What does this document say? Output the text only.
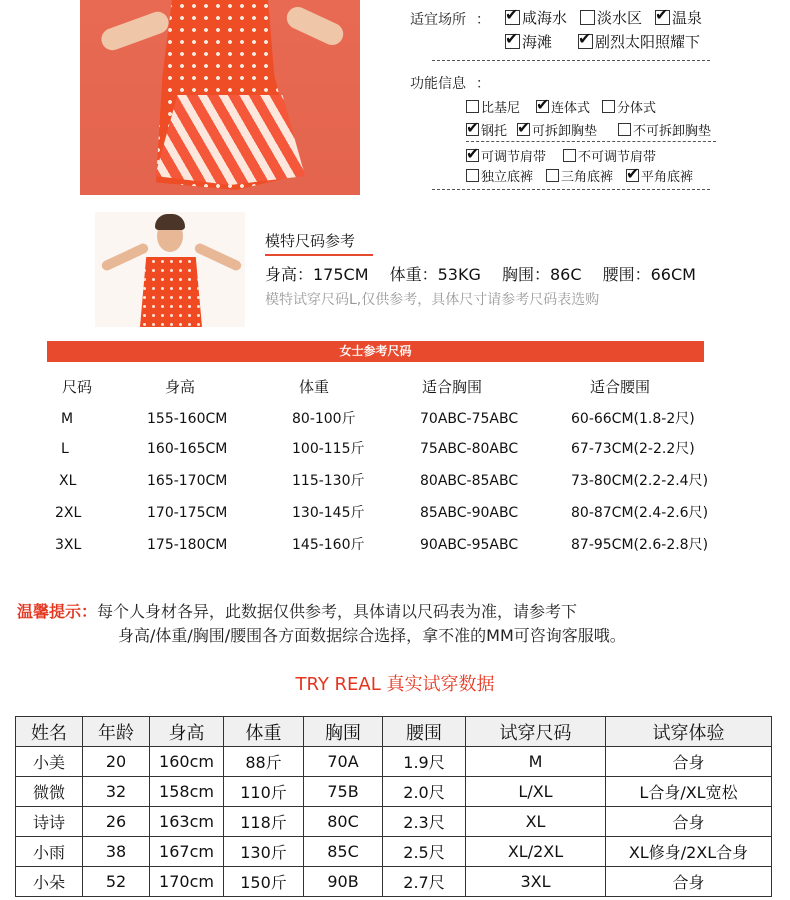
适宜场所 ： ✔ 咸海水 淡水区 ✔ 温泉
✔
海滩 ✔	剧烈太阳照耀下
功能信息 ：
比基尼 ✔ 连体式 分体式
✔
钢托 ✔ 可拆卸胸垫	不可拆卸胸垫
✔
可调节肩带 不可调节肩带
独立底裤 三角底裤 ✔ 平角底裤
模特尺码参考
身高：175CM 体重：53KG 胸围：86C 腰围：66CM
模特试穿尺码L,仅供参考，具体尺寸请参考尺码表选购
女士参考尺码
尺码	身高	体重	适合胸围	适合腰围
M	155-160CM	80-100斤	70ABC-75ABC	60-66CM(1.8-2尺)
L	160-165CM	100-115斤	75ABC-80ABC	67-73CM(2-2.2尺)
XL	165-170CM	115-130斤	80ABC-85ABC	73-80CM(2.2-2.4尺)
2XL	170-175CM	130-145斤	85ABC-90ABC	80-87CM(2.4-2.6尺)
3XL	175-180CM	145-160斤	90ABC-95ABC	87-95CM(2.6-2.8尺)
温馨提示：每个人身材各异，此数据仅供参考，具体请以尺码表为准，请参考下
身高/体重/胸围/腰围各方面数据综合选择，拿不准的MM可咨询客服哦。
TRY REAL 真实试穿数据
姓名	年龄	身高	体重	胸围	腰围	试穿尺码	试穿体验
小美	20	160cm	88斤	70A	1.9尺	M	合身
微微	32	158cm	110斤	75B	2.0尺	L/XL	L合身/XL宽松
诗诗	26	163cm	118斤	80C	2.3尺	XL	合身
小雨	38	167cm	130斤	85C	2.5尺	XL/2XL	XL修身/2XL合身
小朵	52	170cm	150斤	90B	2.7尺	3XL	合身
